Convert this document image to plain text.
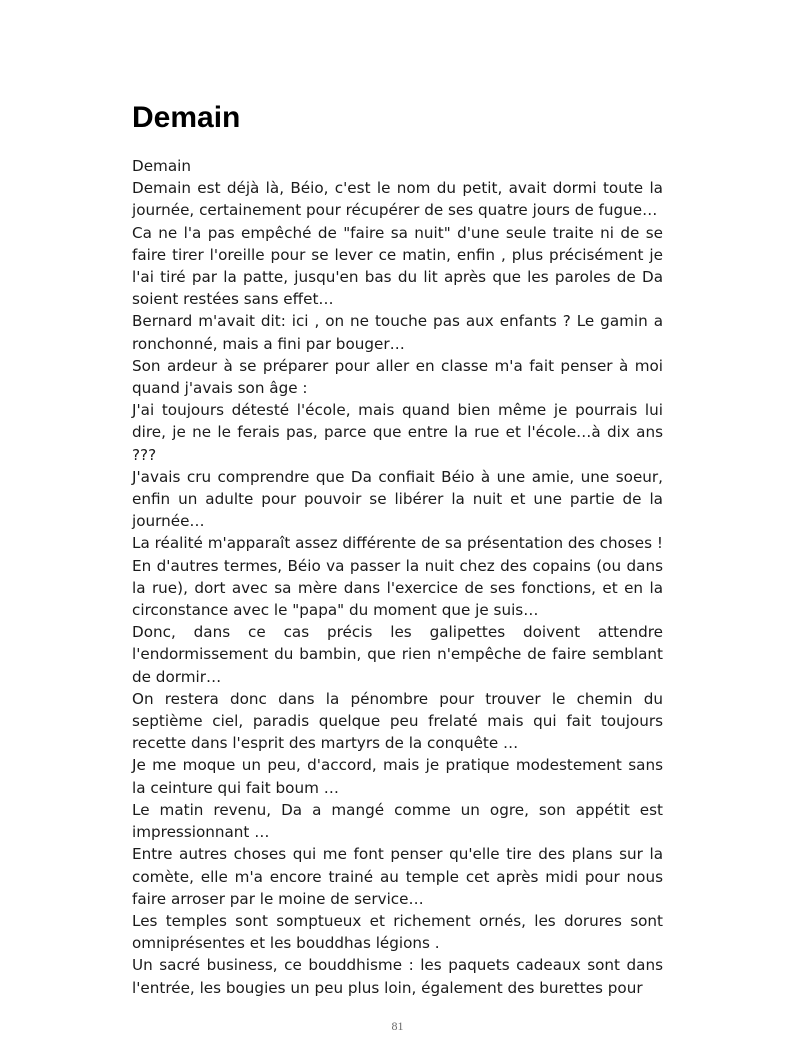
Demain

Demain

Demain est déjà là, Béio, c'est le nom du petit, avait dormi toute la journée, certainement pour récupérer de ses quatre jours de fugue…

Ca ne l'a pas empêché de "faire sa nuit" d'une seule traite ni de se faire tirer l'oreille pour se lever ce matin, enfin , plus précisément je l'ai tiré par la patte, jusqu'en bas du lit après que les paroles de Da soient restées sans effet…

Bernard m'avait dit: ici , on ne touche pas aux enfants ? Le gamin a ronchonné, mais a fini par bouger…

Son ardeur à se préparer pour aller en classe m'a fait penser à moi quand j'avais son âge :

J'ai toujours détesté l'école, mais quand bien même je pourrais lui dire, je ne le ferais pas, parce que entre la rue et l'école…à dix ans ???

J'avais cru comprendre que Da confiait Béio à une amie, une soeur, enfin un adulte pour pouvoir se libérer la nuit et une partie de la journée…

La réalité m'apparaît assez différente de sa présentation des choses !

En d'autres termes, Béio va passer la nuit chez des copains (ou dans la rue), dort avec sa mère dans l'exercice de ses fonctions, et en la circonstance avec le "papa" du moment que je suis…

Donc, dans ce cas précis les galipettes doivent attendre l'endormissement du bambin, que rien n'empêche de faire semblant de dormir…

On restera donc dans la pénombre pour trouver le chemin du septième ciel, paradis quelque peu frelaté mais qui fait toujours recette dans l'esprit des martyrs de la conquête …

Je me moque un peu, d'accord, mais je pratique modestement sans la ceinture qui fait boum …

Le matin revenu, Da a mangé comme un ogre, son appétit est impressionnant …

Entre autres choses qui me font penser qu'elle tire des plans sur la comète, elle m'a encore trainé au temple cet après midi pour nous faire arroser par le moine de service…

Les temples sont somptueux et richement ornés, les dorures sont omniprésentes et les bouddhas légions .

Un sacré business, ce bouddhisme : les paquets cadeaux sont dans l'entrée, les bougies un peu plus loin, également des burettes pour

81
